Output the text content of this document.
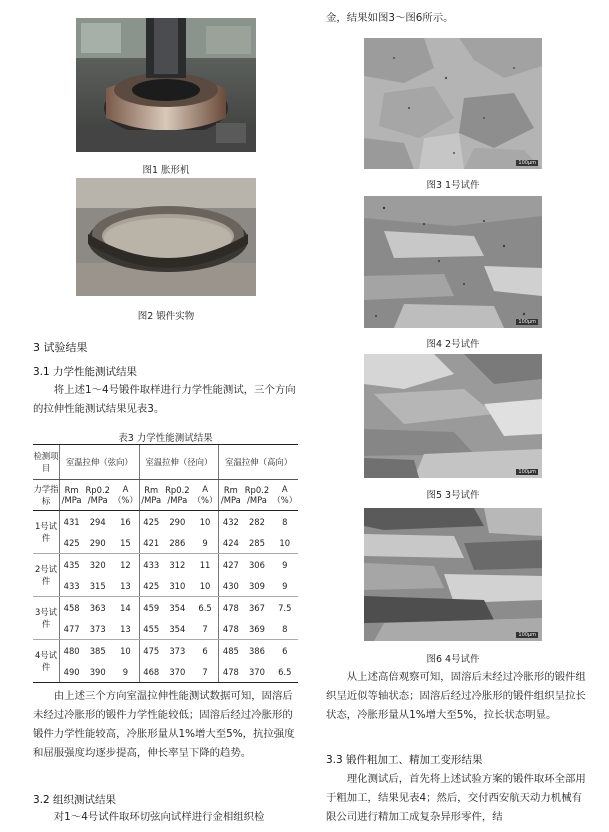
图1 胀形机
图2 锻件实物
3 试验结果
3.1 力学性能测试结果
将上述1～4号锻件取样进行力学性能测试，三个方向的拉伸性能测试结果见表3。
表3 力学性能测试结果
检测项目	室温拉伸（弦向）			室温拉伸（径向）			室温拉伸（高向）		
力学指标	Rm /MPa	Rp0.2 /MPa	A （%）	Rm /MPa	Rp0.2 /MPa	A （%）	Rm /MPa	Rp0.2 /MPa	A （%）
1号试件	431	294	16	425	290	10	432	282	8
	425	290	15	421	286	9	424	285	10
2号试件	435	320	12	433	312	11	427	306	9
	433	315	13	425	310	10	430	309	9
3号试件	458	363	14	459	354	6.5	478	367	7.5
	477	373	13	455	354	7	478	369	8
4号试件	480	385	10	475	373	6	485	386	6
	490	390	9	468	370	7	478	370	6.5
由上述三个方向室温拉伸性能测试数据可知，固溶后未经过冷胀形的锻件力学性能较低；固溶后经过冷胀形的锻件力学性能较高，冷胀形量从1%增大至5%，抗拉强度和屈服强度均逐步提高，伸长率呈下降的趋势。
3.2 组织测试结果
对1～4号试件取环切弦向试样进行金相组织检
金，结果如图3～图6所示。
100μm
图3 1号试件
100μm
图4 2号试件
100μm
图5 3号试件
100μm
图6 4号试件
从上述高倍观察可知，固溶后未经过冷胀形的锻件组织呈近似等轴状态；固溶后经过冷胀形的锻件组织呈拉长状态，冷胀形量从1%增大至5%，拉长状态明显。
3.3 锻件粗加工、精加工变形结果
理化测试后，首先将上述试验方案的锻件取环全部用于粗加工，结果见表4；然后，交付西安航天动力机械有限公司进行精加工成复杂异形零件，结
